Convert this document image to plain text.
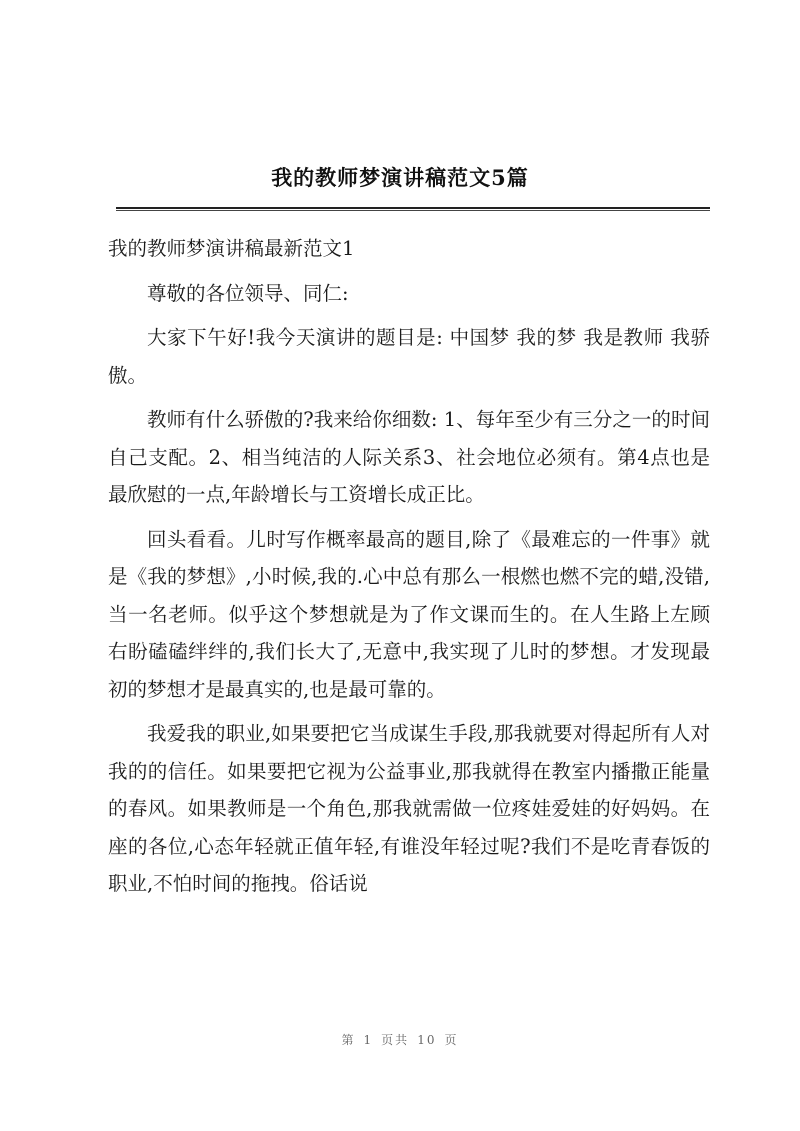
我的教师梦演讲稿范文5篇

我的教师梦演讲稿最新范文1

尊敬的各位领导、同仁:

大家下午好!我今天演讲的题目是: 中国梦 我的梦 我是教师 我骄傲。

教师有什么骄傲的?我来给你细数: 1、每年至少有三分之一的时间自己支配。2、相当纯洁的人际关系3、社会地位必须有。第4点也是最欣慰的一点,年龄增长与工资增长成正比。

回头看看。儿时写作概率最高的题目,除了《最难忘的一件事》就是《我的梦想》,小时候,我的.心中总有那么一根燃也燃不完的蜡,没错,当一名老师。似乎这个梦想就是为了作文课而生的。在人生路上左顾右盼磕磕绊绊的,我们长大了,无意中,我实现了儿时的梦想。才发现最初的梦想才是最真实的,也是最可靠的。

我爱我的职业,如果要把它当成谋生手段,那我就要对得起所有人对我的的信任。如果要把它视为公益事业,那我就得在教室内播撒正能量的春风。如果教师是一个角色,那我就需做一位疼娃爱娃的好妈妈。在座的各位,心态年轻就正值年轻,有谁没年轻过呢?我们不是吃青春饭的职业,不怕时间的拖拽。俗话说

第 1 页共 10 页
